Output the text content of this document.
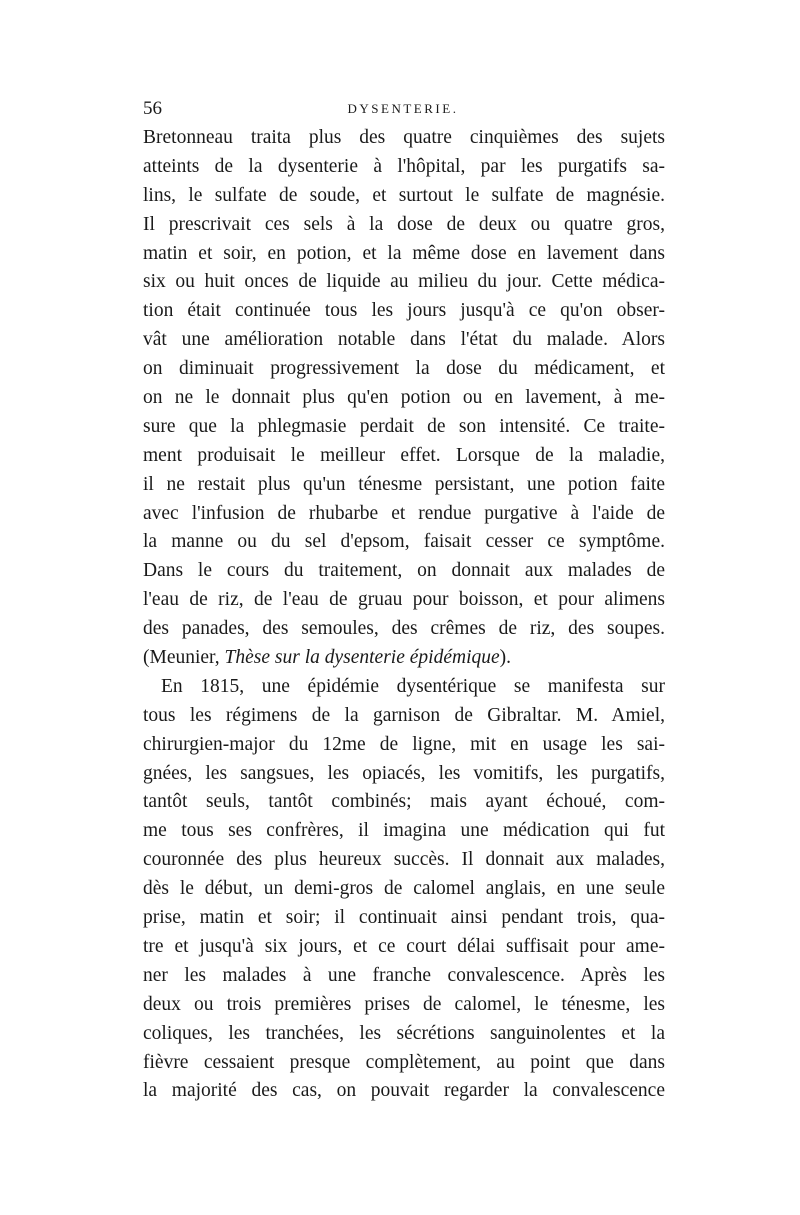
56	DYSENTERIE.
Bretonneau traita plus des quatre cinquièmes des sujets
atteints de la dysenterie à l'hôpital, par les purgatifs sa-
lins, le sulfate de soude, et surtout le sulfate de magnésie.
Il prescrivait ces sels à la dose de deux ou quatre gros,
matin et soir, en potion, et la même dose en lavement dans
six ou huit onces de liquide au milieu du jour. Cette médica-
tion était continuée tous les jours jusqu'à ce qu'on obser-
vât une amélioration notable dans l'état du malade. Alors
on diminuait progressivement la dose du médicament, et
on ne le donnait plus qu'en potion ou en lavement, à me-
sure que la phlegmasie perdait de son intensité. Ce traite-
ment produisait le meilleur effet. Lorsque de la maladie,
il ne restait plus qu'un ténesme persistant, une potion faite
avec l'infusion de rhubarbe et rendue purgative à l'aide de
la manne ou du sel d'epsom, faisait cesser ce symptôme.
Dans le cours du traitement, on donnait aux malades de
l'eau de riz, de l'eau de gruau pour boisson, et pour alimens
des panades, des semoules, des crêmes de riz, des soupes.
(Meunier, Thèse sur la dysenterie épidémique).
En 1815, une épidémie dysentérique se manifesta sur
tous les régimens de la garnison de Gibraltar. M. Amiel,
chirurgien-major du 12me de ligne, mit en usage les sai-
gnées, les sangsues, les opiacés, les vomitifs, les purgatifs,
tantôt seuls, tantôt combinés; mais ayant échoué, com-
me tous ses confrères, il imagina une médication qui fut
couronnée des plus heureux succès. Il donnait aux malades,
dès le début, un demi-gros de calomel anglais, en une seule
prise, matin et soir; il continuait ainsi pendant trois, qua-
tre et jusqu'à six jours, et ce court délai suffisait pour ame-
ner les malades à une franche convalescence. Après les
deux ou trois premières prises de calomel, le ténesme, les
coliques, les tranchées, les sécrétions sanguinolentes et la
fièvre cessaient presque complètement, au point que dans
la majorité des cas, on pouvait regarder la convalescence
